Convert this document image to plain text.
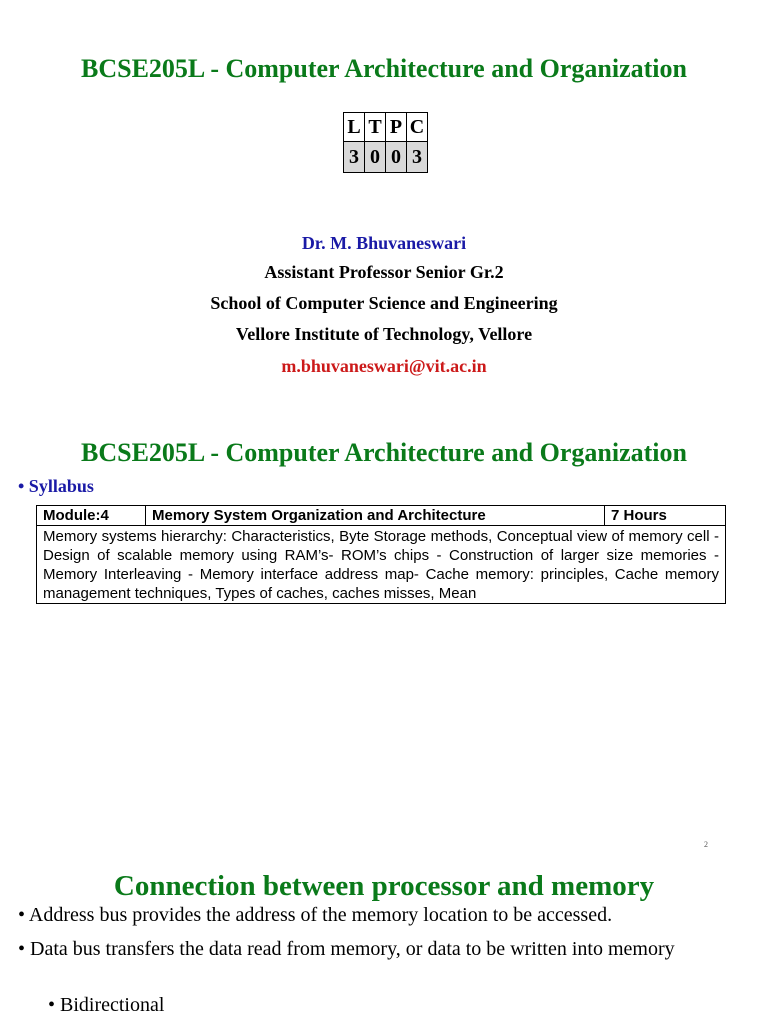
BCSE205L - Computer Architecture and Organization
L	T	P	C
3	0	0	3
Dr. M. Bhuvaneswari
Assistant Professor Senior Gr.2
School of Computer Science and Engineering
Vellore Institute of Technology, Vellore
m.bhuvaneswari@vit.ac.in
BCSE205L - Computer Architecture and Organization
• Syllabus
Module:4	Memory System Organization and Architecture	7 Hours
Memory systems hierarchy: Characteristics, Byte Storage methods, Conceptual view of memory cell - Design of scalable memory using RAM’s- ROM’s chips - Construction of larger size memories - Memory Interleaving - Memory interface address map- Cache memory: principles, Cache memory management techniques, Types of caches, caches misses, Mean
2
Connection between processor and memory
• Address bus provides the address of the memory location to be accessed.
• Data bus transfers the data read from memory, or data to be written into memory
• Bidirectional
